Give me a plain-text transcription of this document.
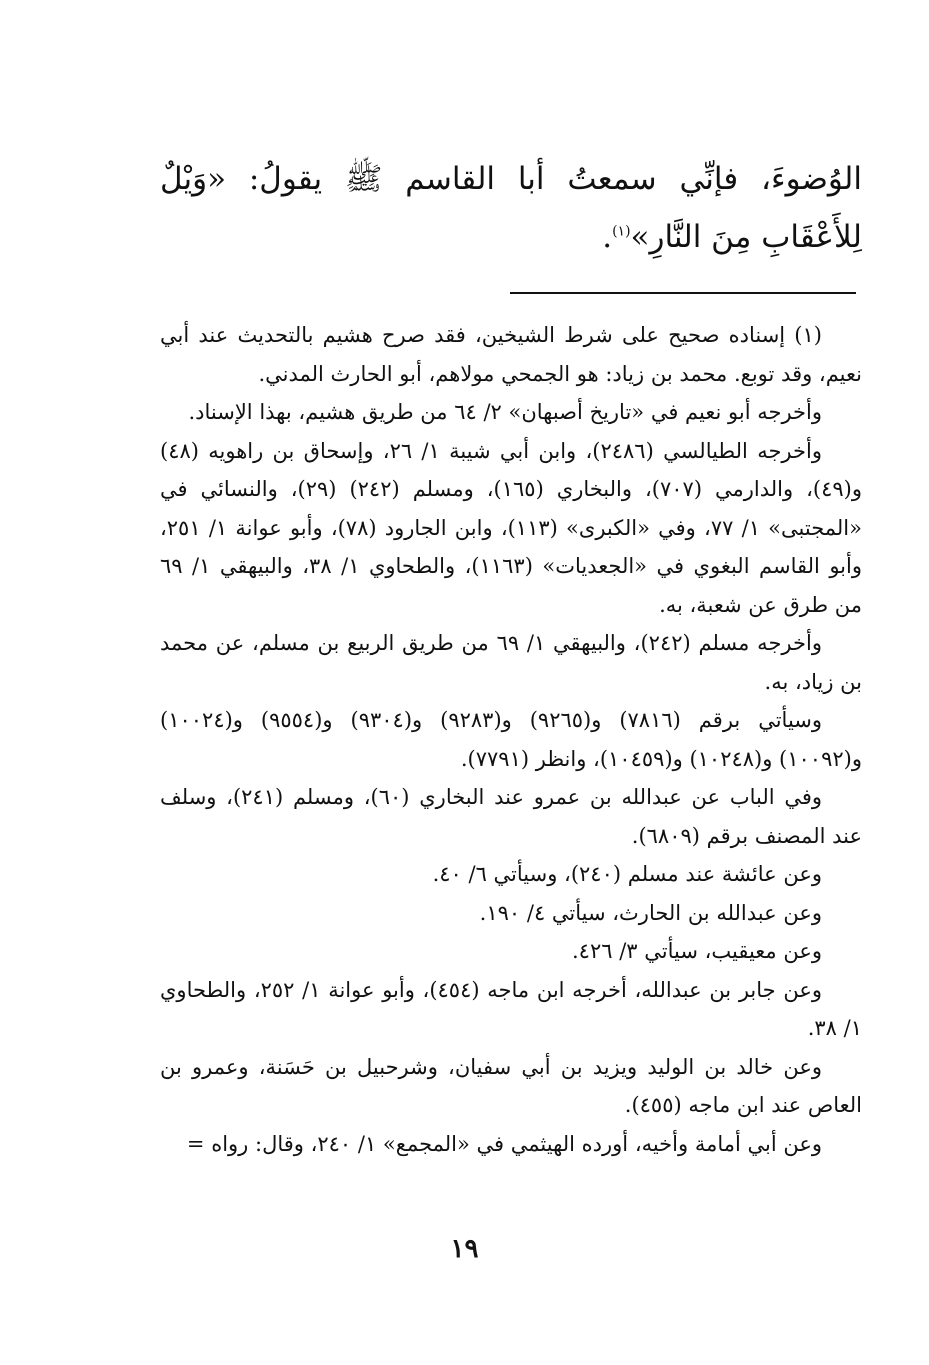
الوُضوءَ، فإنِّي سمعتُ أبا القاسم ﷺ يقولُ: «وَيْلٌ لِلأَعْقَابِ مِنَ النَّارِ»$^{(١)}$.

(١) إسناده صحيح على شرط الشيخين، فقد صرح هشيم بالتحديث عند أبي نعيم، وقد توبع. محمد بن زياد: هو الجمحي مولاهم، أبو الحارث المدني.

وأخرجه أبو نعيم في «تاريخ أصبهان» ٢/ ٦٤ من طريق هشيم، بهذا الإسناد.

وأخرجه الطيالسي (٢٤٨٦)، وابن أبي شيبة ١/ ٢٦، وإسحاق بن راهويه (٤٨) و(٤٩)، والدارمي (٧٠٧)، والبخاري (١٦٥)، ومسلم (٢٤٢) (٢٩)، والنسائي في «المجتبى» ١/ ٧٧، وفي «الكبرى» (١١٣)، وابن الجارود (٧٨)، وأبو عوانة ١/ ٢٥١، وأبو القاسم البغوي في «الجعديات» (١١٦٣)، والطحاوي ١/ ٣٨، والبيهقي ١/ ٦٩ من طرق عن شعبة، به.

وأخرجه مسلم (٢٤٢)، والبيهقي ١/ ٦٩ من طريق الربيع بن مسلم، عن محمد بن زياد، به.

وسيأتي برقم (٧٨١٦) و(٩٢٦٥) و(٩٢٨٣) و(٩٣٠٤) و(٩٥٥٤) و(١٠٠٢٤) و(١٠٠٩٢) و(١٠٢٤٨) و(١٠٤٥٩)، وانظر (٧٧٩١).

وفي الباب عن عبدالله بن عمرو عند البخاري (٦٠)، ومسلم (٢٤١)، وسلف عند المصنف برقم (٦٨٠٩).

وعن عائشة عند مسلم (٢٤٠)، وسيأتي ٦/ ٤٠.

وعن عبدالله بن الحارث، سيأتي ٤/ ١٩٠.

وعن معيقيب، سيأتي ٣/ ٤٢٦.

وعن جابر بن عبدالله، أخرجه ابن ماجه (٤٥٤)، وأبو عوانة ١/ ٢٥٢، والطحاوي ١/ ٣٨.

وعن خالد بن الوليد ويزيد بن أبي سفيان، وشرحبيل بن حَسَنة، وعمرو بن العاص عند ابن ماجه (٤٥٥).

وعن أبي أمامة وأخيه، أورده الهيثمي في «المجمع» ١/ ٢٤٠، وقال: رواه =

١٩
